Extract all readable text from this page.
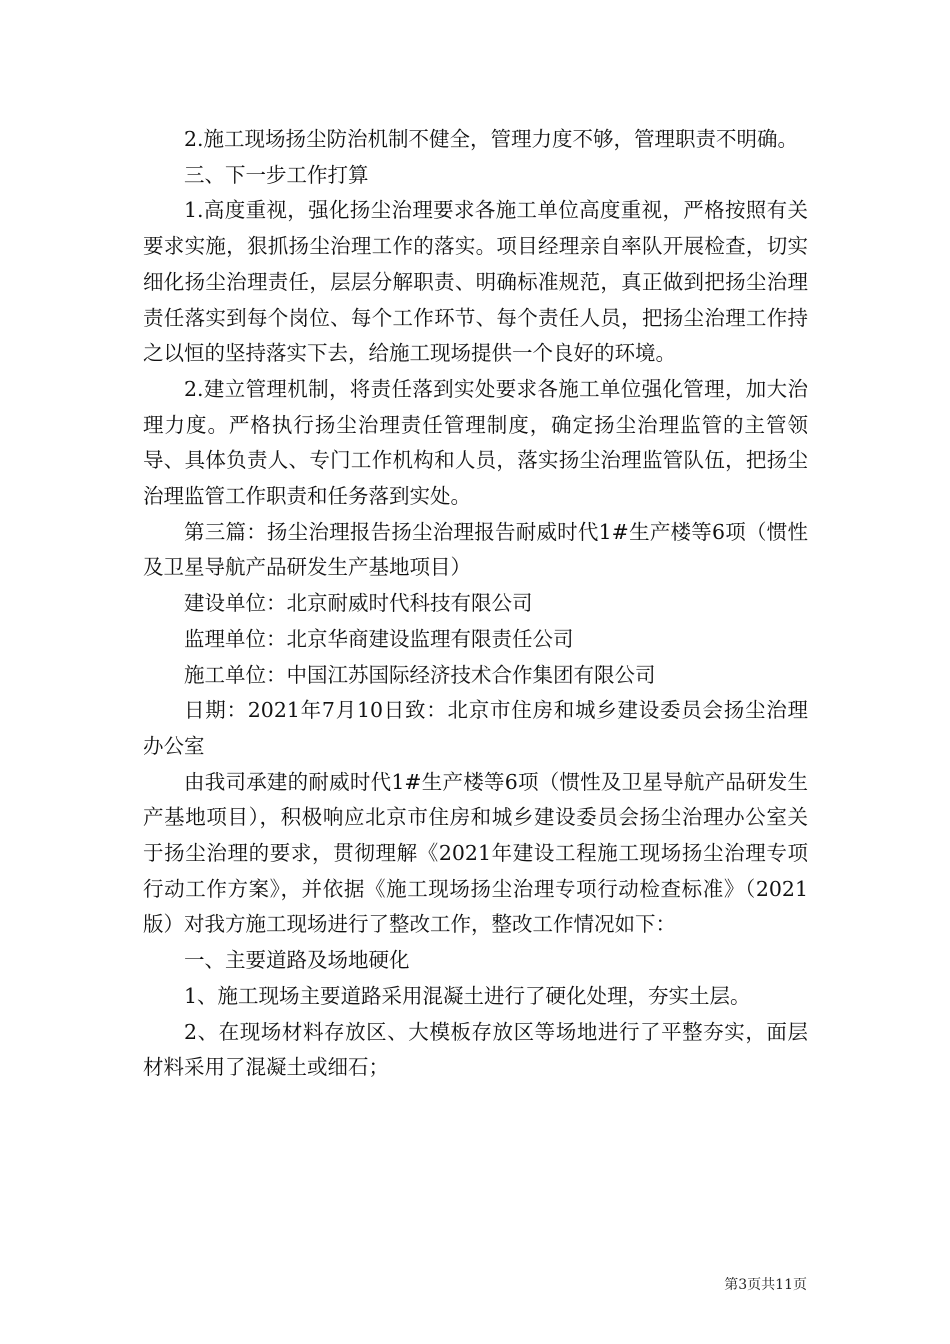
2.施工现场扬尘防治机制不健全，管理力度不够，管理职责不明确。

三、下一步工作打算

1.高度重视，强化扬尘治理要求各施工单位高度重视，严格按照有关要求实施，狠抓扬尘治理工作的落实。项目经理亲自率队开展检查，切实细化扬尘治理责任，层层分解职责、明确标准规范，真正做到把扬尘治理责任落实到每个岗位、每个工作环节、每个责任人员，把扬尘治理工作持之以恒的坚持落实下去，给施工现场提供一个良好的环境。

2.建立管理机制，将责任落到实处要求各施工单位强化管理，加大治理力度。严格执行扬尘治理责任管理制度，确定扬尘治理监管的主管领导、具体负责人、专门工作机构和人员，落实扬尘治理监管队伍，把扬尘治理监管工作职责和任务落到实处。

第三篇：扬尘治理报告扬尘治理报告耐威时代1#生产楼等6项（惯性及卫星导航产品研发生产基地项目）

建设单位：北京耐威时代科技有限公司

监理单位：北京华商建设监理有限责任公司

施工单位：中国江苏国际经济技术合作集团有限公司

日期：2021年7月10日致：北京市住房和城乡建设委员会扬尘治理办公室

由我司承建的耐威时代1#生产楼等6项（惯性及卫星导航产品研发生产基地项目），积极响应北京市住房和城乡建设委员会扬尘治理办公室关于扬尘治理的要求，贯彻理解《2021年建设工程施工现场扬尘治理专项行动工作方案》，并依据《施工现场扬尘治理专项行动检查标准》（2021版）对我方施工现场进行了整改工作，整改工作情况如下：

一、主要道路及场地硬化

1、施工现场主要道路采用混凝土进行了硬化处理，夯实土层。

2、在现场材料存放区、大模板存放区等场地进行了平整夯实，面层材料采用了混凝土或细石；

第3页共11页
